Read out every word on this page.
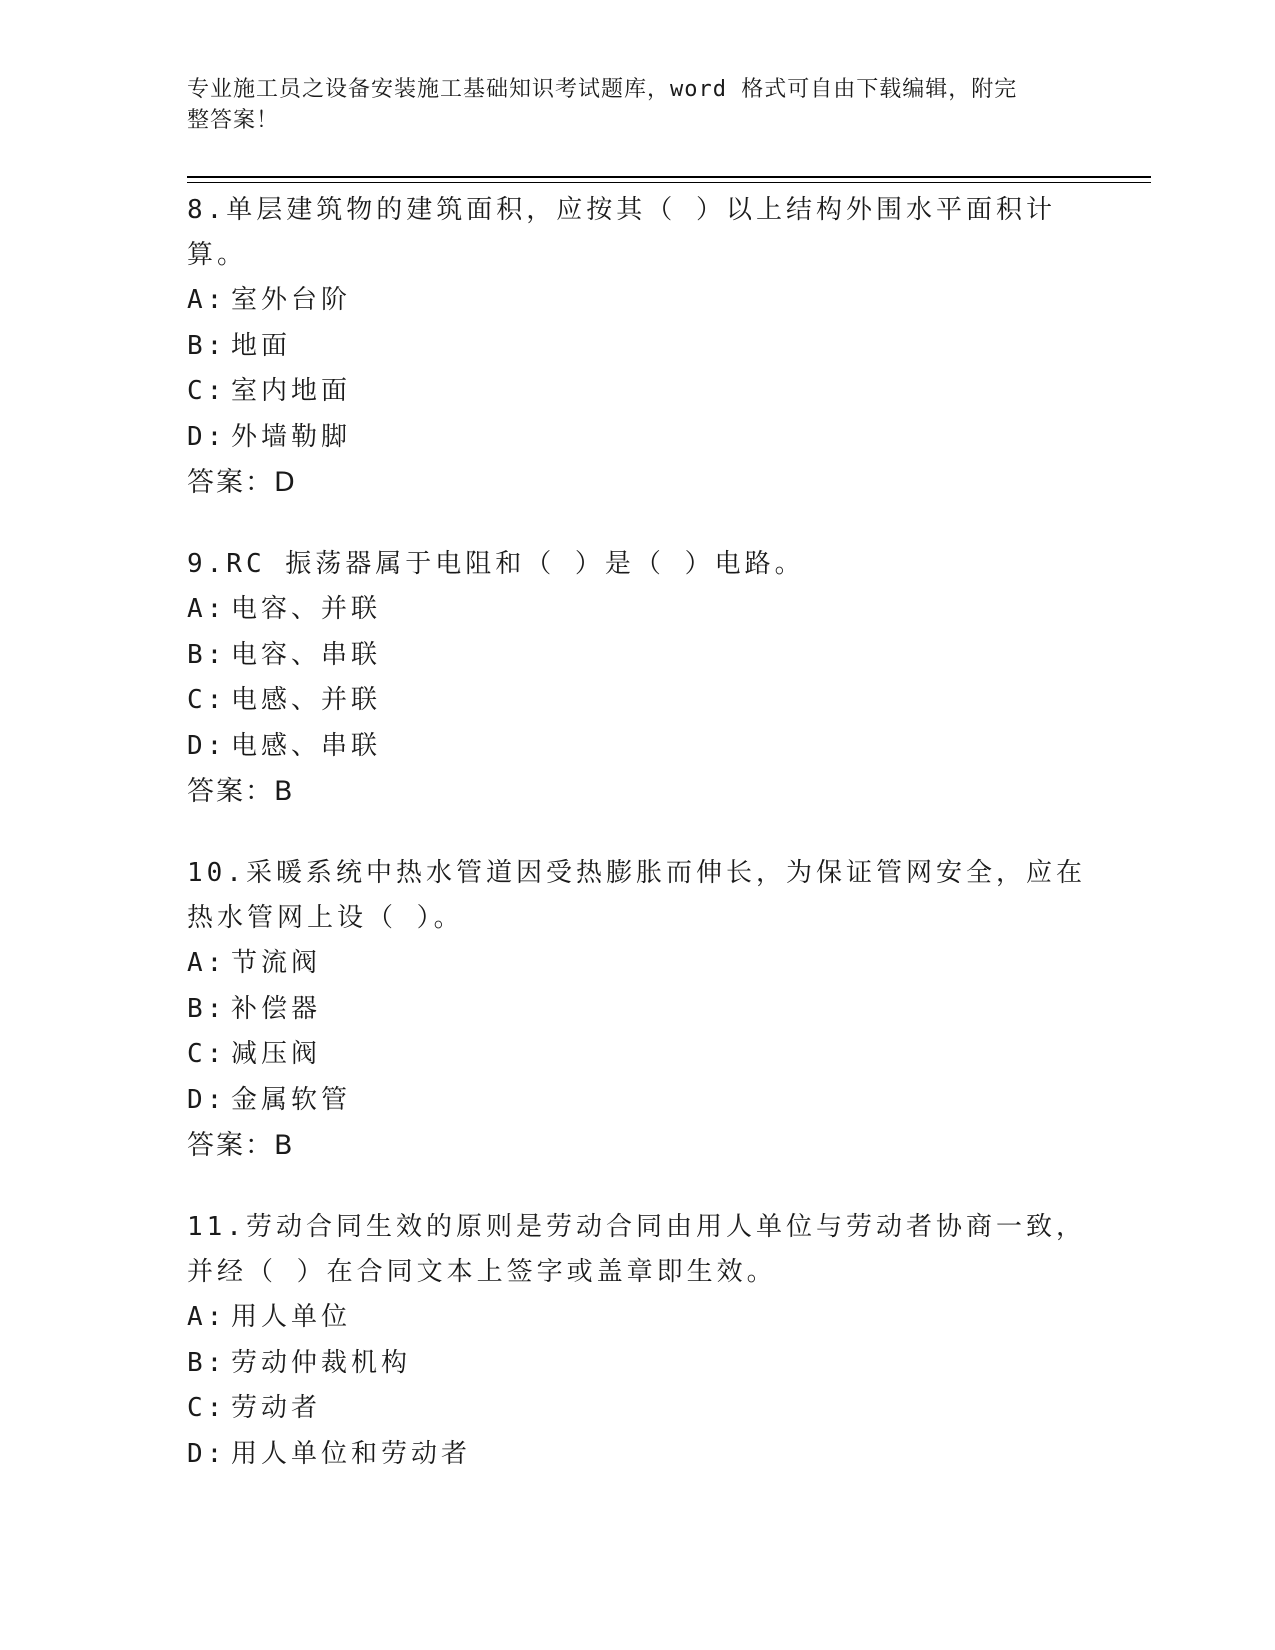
专业施工员之设备安装施工基础知识考试题库，word 格式可自由下载编辑，附完
整答案！

8.单层建筑物的建筑面积，应按其（ ）以上结构外围水平面积计算。

A: 室外台阶

B: 地面

C: 室内地面

D: 外墙勒脚

答案：D

9.RC 振荡器属于电阻和（ ）是（ ）电路。

A: 电容、并联

B: 电容、串联

C: 电感、并联

D: 电感、串联

答案：B

10.采暖系统中热水管道因受热膨胀而伸长，为保证管网安全，应在热水管网上设（ ）。

A: 节流阀

B: 补偿器

C: 减压阀

D: 金属软管

答案：B

11.劳动合同生效的原则是劳动合同由用人单位与劳动者协商一致，并经（ ）在合同文本上签字或盖章即生效。

A: 用人单位

B: 劳动仲裁机构

C: 劳动者

D: 用人单位和劳动者
